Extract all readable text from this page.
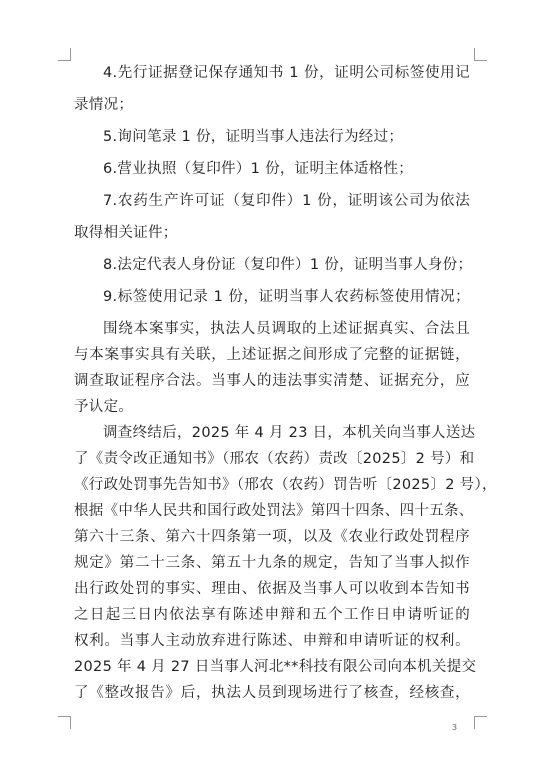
4.先行证据登记保存通知书 1 份，证明公司标签使用记
录情况；
5.询问笔录 1 份，证明当事人违法行为经过；
6.营业执照（复印件）1 份，证明主体适格性；
7.农药生产许可证（复印件）1 份，证明该公司为依法
取得相关证件；
8.法定代表人身份证（复印件）1 份，证明当事人身份；
9.标签使用记录 1 份，证明当事人农药标签使用情况；
围绕本案事实，执法人员调取的上述证据真实、合法且
与本案事实具有关联，上述证据之间形成了完整的证据链，
调查取证程序合法。当事人的违法事实清楚、证据充分，应
予认定。
调查终结后，2025 年 4 月 23 日，本机关向当事人送达
了《责令改正通知书》（邢农（农药）责改〔2025〕2 号）和
《行政处罚事先告知书》（邢农（农药）罚告听〔2025〕2 号），
根据《中华人民共和国行政处罚法》第四十四条、四十五条、
第六十三条、第六十四条第一项，以及《农业行政处罚程序
规定》第二十三条、第五十九条的规定，告知了当事人拟作
出行政处罚的事实、理由、依据及当事人可以收到本告知书
之日起三日内依法享有陈述申辩和五个工作日申请听证的
权利。当事人主动放弃进行陈述、申辩和申请听证的权利。
2025 年 4 月 27 日当事人河北**科技有限公司向本机关提交
了《整改报告》后，执法人员到现场进行了核查，经核查，
3
